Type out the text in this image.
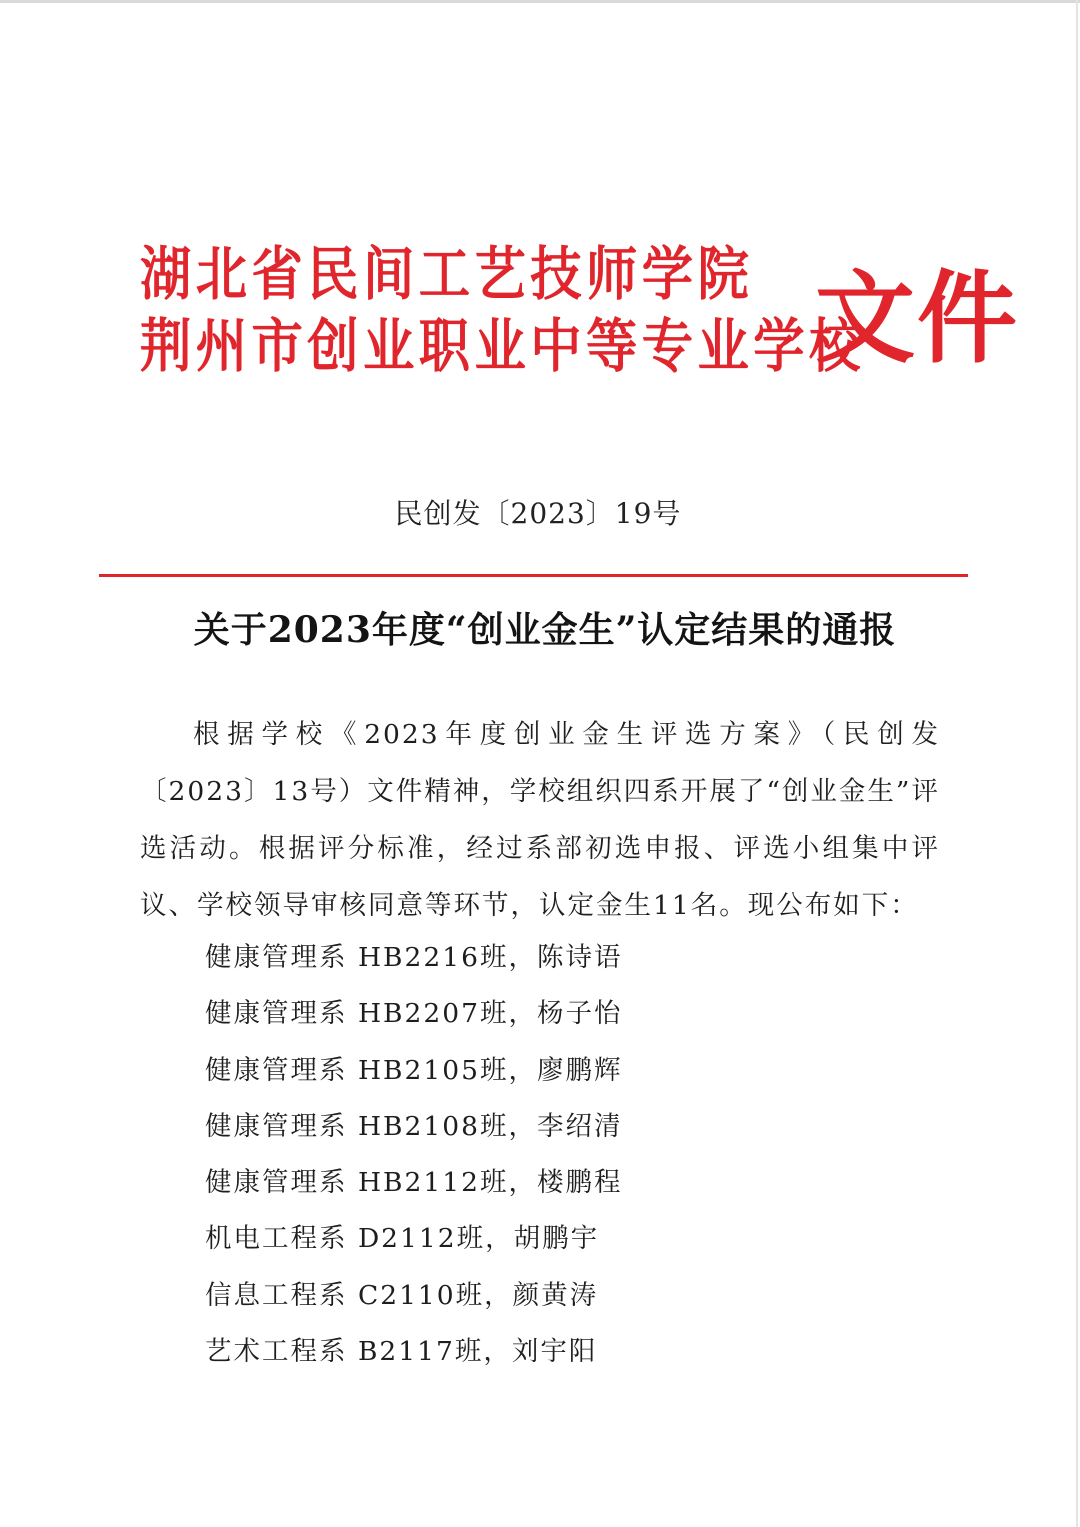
湖北省民间工艺技师学院
荆州市创业职业中等专业学校
文件
民创发〔2023〕19号
关于2023年度“创业金生”认定结果的通报
根据学校《2023年度创业金生评选方案》（民创发〔2023〕13号）文件精神，学校组织四系开展了“创业金生”评选活动。根据评分标准，经过系部初选申报、评选小组集中评议、学校领导审核同意等环节，认定金生11名。现公布如下：
健康管理系 HB2216班，陈诗语
健康管理系 HB2207班，杨子怡
健康管理系 HB2105班，廖鹏辉
健康管理系 HB2108班，李绍清
健康管理系 HB2112班，楼鹏程
机电工程系 D2112班，胡鹏宇
信息工程系 C2110班，颜黄涛
艺术工程系 B2117班，刘宇阳
